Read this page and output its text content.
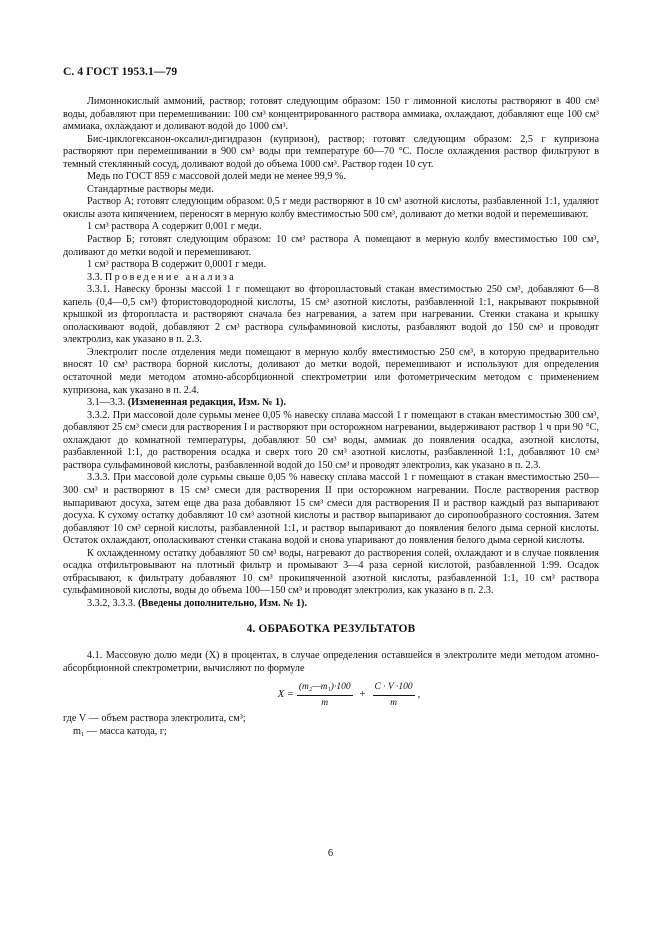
С. 4 ГОСТ 1953.1—79

Лимоннокислый аммоний, раствор; готовят следующим образом: 150 г лимонной кислоты растворяют в 400 см³ воды, добавляют при перемешивании: 100 см³ концентрированного раствора аммиака, охлаждают, добавляют еще 100 см³ аммиака, охлаждают и доливают водой до 1000 см³.

Бис-циклогексанон-оксалил-дигидразон (купризон), раствор; готовят следующим образом: 2,5 г купризона растворяют при перемешивании в 900 см³ воды при температуре 60—70 °С. После охлаждения раствор фильтруют в темный стеклянный сосуд, доливают водой до объема 1000 см³. Раствор годен 10 сут.

Медь по ГОСТ 859 с массовой долей меди не менее 99,9 %.

Стандартные растворы меди.

Раствор А; готовят следующим образом: 0,5 г меди растворяют в 10 см³ азотной кислоты, разбавленной 1:1, удаляют окислы азота кипячением, переносят в мерную колбу вместимостью 500 см³, доливают до метки водой и перемешивают.

1 см³ раствора А содержит 0,001 г меди.

Раствор Б; готовят следующим образом: 10 см³ раствора А помещают в мерную колбу вместимостью 100 см³, доливают до метки водой и перемешивают.

1 см³ раствора В содержит 0,0001 г меди.

3.3. Проведение анализа

3.3.1. Навеску бронзы массой 1 г помещают во фторопластовый стакан вместимостью 250 см³, добавляют 6—8 капель (0,4—0,5 см³) фтористоводородной кислоты, 15 см³ азотной кислоты, разбавленной 1:1, накрывают покрывной крышкой из фторопласта и растворяют сначала без нагревания, а затем при нагревании. Стенки стакана и крышку ополаскивают водой, добавляют 2 см³ раствора сульфаминовой кислоты, разбавляют водой до 150 см³ и проводят электролиз, как указано в п. 2.3.

Электролит после отделения меди помещают в мерную колбу вместимостью 250 см³, в которую предварительно вносят 10 см³ раствора борной кислоты, доливают до метки водой, перемешивают и используют для определения остаточной меди методом атомно-абсорбционной спектрометрии или фотометрическим методом с применением купризона, как указано в п. 2.4.

3.1—3.3. (Измененная редакция, Изм. № 1).

3.3.2. При массовой доле сурьмы менее 0,05 % навеску сплава массой 1 г помещают в стакан вместимостью 300 см³, добавляют 25 см³ смеси для растворения I и растворяют при осторожном нагревании, выдерживают раствор 1 ч при 90 °С, охлаждают до комнатной температуры, добавляют 50 см³ воды, аммиак до появления осадка, азотной кислоты, разбавленной 1:1, до растворения осадка и сверх того 20 см³ азотной кислоты, разбавленной 1:1, добавляют 10 см³ раствора сульфаминовой кислоты, разбавленной водой до 150 см³ и проводят электролиз, как указано в п. 2.3.

3.3.3. При массовой доле сурьмы свыше 0,05 % навеску сплава массой 1 г помещают в стакан вместимостью 250—300 см³ и растворяют в 15 см³ смеси для растворения II при осторожном нагревании. После растворения раствор выпаривают досуха, затем еще два раза добавляют 15 см³ смеси для растворения II и раствор каждый раз выпаривают досуха. К сухому остатку добавляют 10 см³ азотной кислоты и раствор выпаривают до сиропообразного состояния. Затем добавляют 10 см³ серной кислоты, разбавленной 1:1, и раствор выпаривают до появления белого дыма серной кислоты. Остаток охлаждают, ополаскивают стенки стакана водой и снова упаривают до появления белого дыма серной кислоты.

К охлажденному остатку добавляют 50 см³ воды, нагревают до растворения солей, охлаждают и в случае появления осадка отфильтровывают на плотный фильтр и промывают 3—4 раза серной кислотой, разбавленной 1:99. Осадок отбрасывают, к фильтрату добавляют 10 см³ прокипяченной азотной кислоты, разбавленной 1:1, 10 см³ раствора сульфаминовой кислоты, воды до объема 100—150 см³ и проводят электролиз, как указано в п. 2.3.

3.3.2, 3.3.3. (Введены дополнительно, Изм. № 1).

4. ОБРАБОТКА РЕЗУЛЬТАТОВ

4.1. Массовую долю меди (X) в процентах, в случае определения оставшейся в электролите меди методом атомно-абсорбционной спектрометрии, вычисляют по формуле

$X = \frac{\text{(m₂—m₁)·100}}{m} + \frac{C \cdot V \cdot 100}{m}$ ,

где V — объем раствора электролита, см³;

m₁ — масса катода, г;

6
